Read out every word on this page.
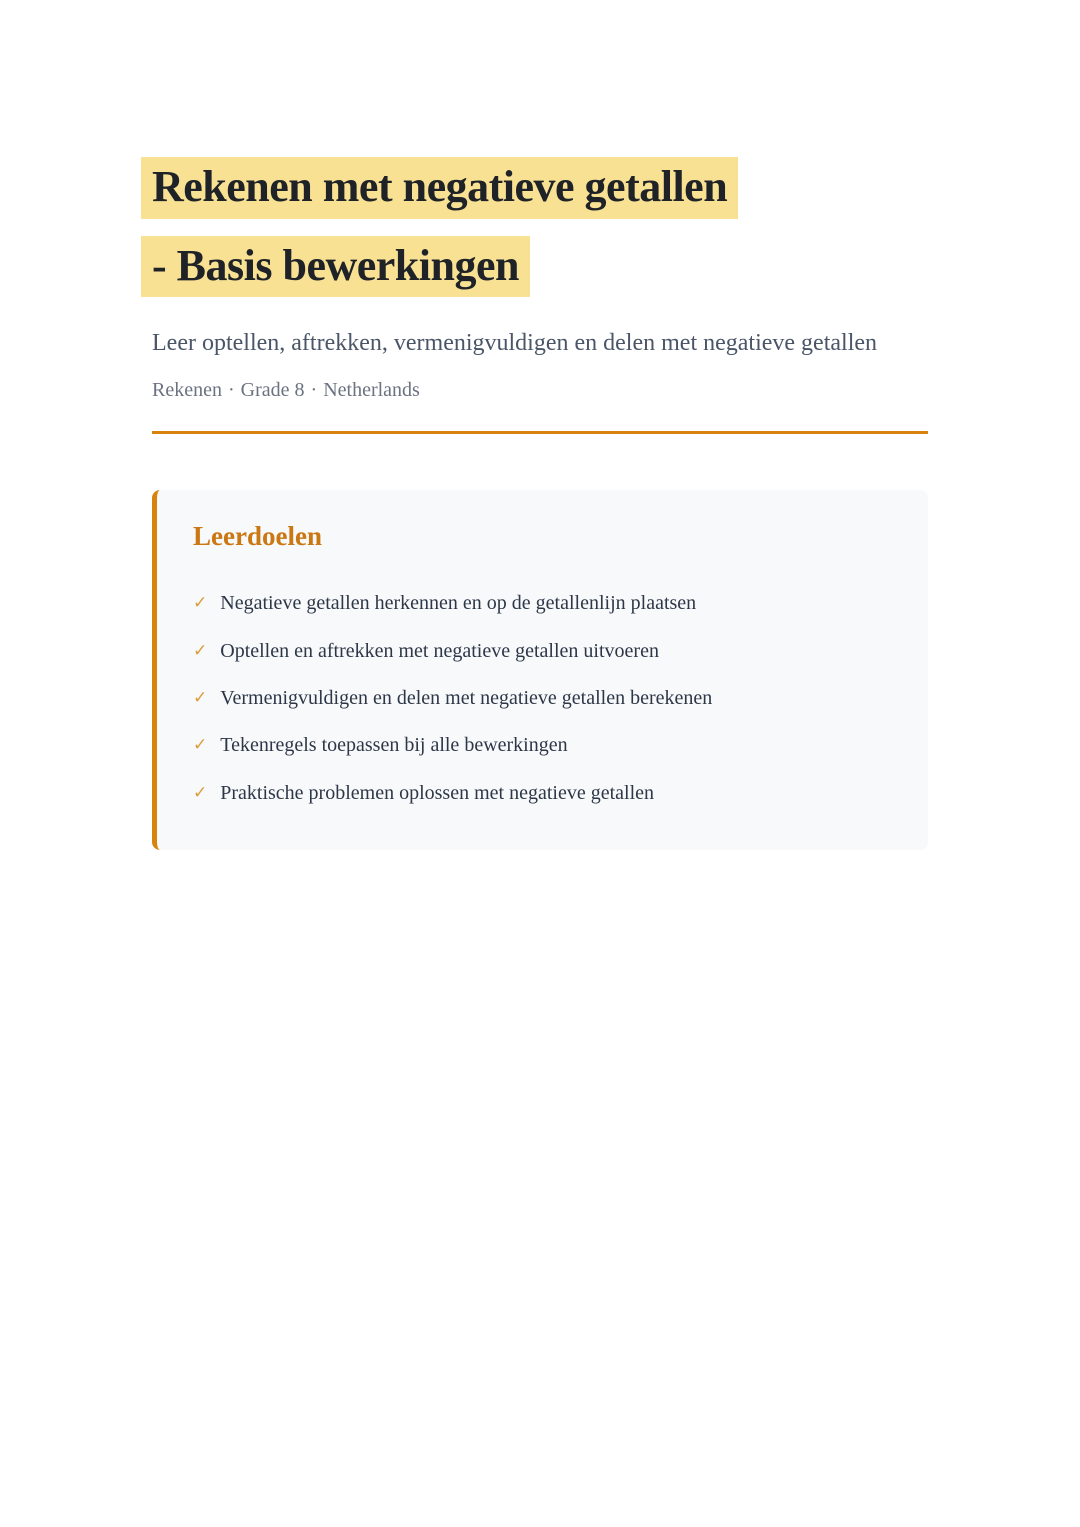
Rekenen met negatieve getallen
- Basis bewerkingen

Leer optellen, aftrekken, vermenigvuldigen en delen met negatieve getallen

Rekenen · Grade 8 · Netherlands

Leerdoelen
✓ Negatieve getallen herkennen en op de getallenlijn plaatsen
✓ Optellen en aftrekken met negatieve getallen uitvoeren
✓ Vermenigvuldigen en delen met negatieve getallen berekenen
✓ Tekenregels toepassen bij alle bewerkingen
✓ Praktische problemen oplossen met negatieve getallen
